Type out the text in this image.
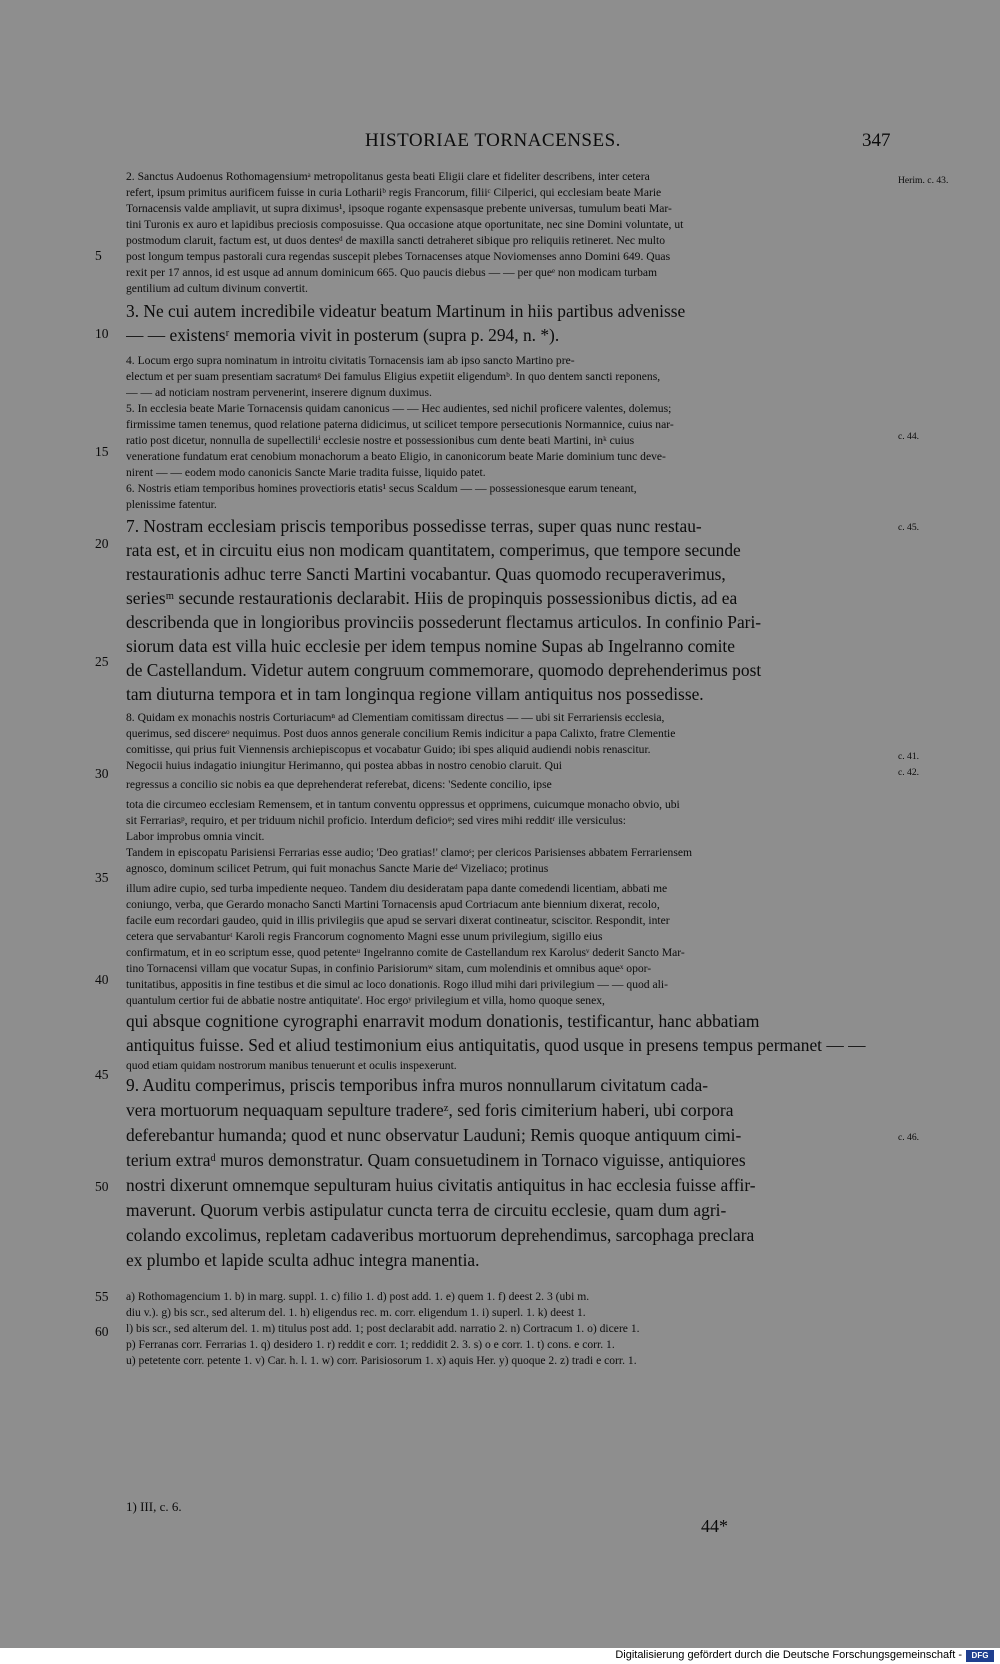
HISTORIAE TORNACENSES.	347
2. Sanctus Audoenus Rothomagensiumᵃ metropolitanus gesta beati Eligii clare et fideliter describens, inter cetera
refert, ipsum primitus aurificem fuisse in curia Lothariiᵇ regis Francorum, filiiᶜ Cilperici, qui ecclesiam beate Marie
Tornacensis valde ampliavit, ut supra diximus¹, ipsoque rogante expensasque prebente universas, tumulum beati Mar-
tini Turonis ex auro et lapidibus preciosis composuisse. Qua occasione atque oportunitate, nec sine Domini voluntate, ut
postmodum claruit, factum est, ut duos dentesᵈ de maxilla sancti detraheret sibique pro reliquiis retineret. Nec multo
post longum tempus pastorali cura regendas suscepit plebes Tornacenses atque Noviomenses anno Domini 649. Quas
rexit per 17 annos, id est usque ad annum dominicum 665. Quo paucis diebus — — per queᵉ non modicam turbam
gentilium ad cultum divinum convertit.
3. Ne cui autem incredibile videatur beatum Martinum in hiis partibus advenisse
— — existensʳ memoria vivit in posterum (supra p. 294, n. *).
4. Locum ergo supra nominatum in introitu civitatis Tornacensis iam ab ipso sancto Martino pre-
electum et per suam presentiam sacratumᵍ Dei famulus Eligius expetiit eligendumᵇ. In quo dentem sancti reponens,
— — ad noticiam nostram pervenerint, inserere dignum duximus.
5. In ecclesia beate Marie Tornacensis quidam canonicus — — Hec audientes, sed nichil proficere valentes, dolemus;
firmissime tamen tenemus, quod relatione paterna didicimus, ut scilicet tempore persecutionis Normannice, cuius nar-
ratio post dicetur, nonnulla de supellectiliⁱ ecclesie nostre et possessionibus cum dente beati Martini, inᵏ cuius
veneratione fundatum erat cenobium monachorum a beato Eligio, in canonicorum beate Marie dominium tunc deve-
nirent — — eodem modo canonicis Sancte Marie tradita fuisse, liquido patet.
6. Nostris etiam temporibus homines provectioris etatis¹ secus Scaldum — — possessionesque earum teneant,
plenissime fatentur.
7. Nostram ecclesiam priscis temporibus possedisse terras, super quas nunc restau-
rata est, et in circuitu eius non modicam quantitatem, comperimus, que tempore secunde
restaurationis adhuc terre Sancti Martini vocabantur. Quas quomodo recuperaverimus,
seriesᵐ secunde restaurationis declarabit. Hiis de propinquis possessionibus dictis, ad ea
describenda que in longioribus provinciis possederunt flectamus articulos. In confinio Pari-
siorum data est villa huic ecclesie per idem tempus nomine Supas ab Ingelranno comite
de Castellandum. Videtur autem congruum commemorare, quomodo deprehenderimus post
tam diuturna tempora et in tam longinqua regione villam antiquitus nos possedisse.
8. Quidam ex monachis nostris Corturiacumⁿ ad Clementiam comitissam directus — — ubi sit Ferrariensis ecclesia,
querimus, sed discereᵒ nequimus. Post duos annos generale concilium Remis indicitur a papa Calixto, fratre Clementie
comitisse, qui prius fuit Viennensis archiepiscopus et vocabatur Guido; ibi spes aliquid audiendi nobis renascitur.
Negocii huius indagatio iniungitur Herimanno, qui postea abbas in nostro cenobio claruit. Qui
regressus a concilio sic nobis ea que deprehenderat referebat, dicens: 'Sedente concilio, ipse
tota die circumeo ecclesiam Remensem, et in tantum conventu oppressus et opprimens, cuicumque monacho obvio, ubi
sit Ferrariasᵖ, requiro, et per triduum nichil proficio. Interdum deficioᵠ; sed vires mihi redditʳ ille versiculus:
Labor improbus omnia vincit.
Tandem in episcopatu Parisiensi Ferrarias esse audio; 'Deo gratias!' clamoˢ; per clericos Parisienses abbatem Ferrariensem
agnosco, dominum scilicet Petrum, qui fuit monachus Sancte Marie deᵈ Vizeliaco; protinus
illum adire cupio, sed turba impediente nequeo. Tandem diu desideratam papa dante comedendi licentiam, abbati me
coniungo, verba, que Gerardo monacho Sancti Martini Tornacensis apud Cortriacum ante biennium dixerat, recolo,
facile eum recordari gaudeo, quid in illis privilegiis que apud se servari dixerat contineatur, sciscitor. Respondit, inter
cetera que servabanturᵗ Karoli regis Francorum cognomento Magni esse unum privilegium, sigillo eius
confirmatum, et in eo scriptum esse, quod petenteᵘ Ingelranno comite de Castellandum rex Karolusᵛ dederit Sancto Mar-
tino Tornacensi villam que vocatur Supas, in confinio Parisiorumʷ sitam, cum molendinis et omnibus aqueˣ opor-
tunitatibus, appositis in fine testibus et die simul ac loco donationis. Rogo illud mihi dari privilegium — — quod ali-
quantulum certior fui de abbatie nostre antiquitate'. Hoc ergoʸ privilegium et villa, homo quoque senex,
qui absque cognitione cyrographi enarravit modum donationis, testificantur, hanc abbatiam
antiquitus fuisse. Sed et aliud testimonium eius antiquitatis, quod usque in presens tempus permanet — —
quod etiam quidam nostrorum manibus tenuerunt et oculis inspexerunt.
9. Auditu comperimus, priscis temporibus infra muros nonnullarum civitatum cada-
vera mortuorum nequaquam sepulture tradereᶻ, sed foris cimiterium haberi, ubi corpora
deferebantur humanda; quod et nunc observatur Lauduni; Remis quoque antiquum cimi-
terium extraᵈ muros demonstratur. Quam consuetudinem in Tornaco viguisse, antiquiores
nostri dixerunt omnemque sepulturam huius civitatis antiquitus in hac ecclesia fuisse affir-
maverunt. Quorum verbis astipulatur cuncta terra de circuitu ecclesie, quam dum agri-
colando excolimus, repletam cadaveribus mortuorum deprehendimus, sarcophaga preclara
ex plumbo et lapide sculta adhuc integra manentia.
a) Rothomagencium 1. b) in marg. suppl. 1. c) filio 1. d) post add. 1. e) quem 1. f) deest 2. 3 (ubi m.
diu v.). g) bis scr., sed alterum del. 1. h) eligendus rec. m. corr. eligendum 1. i) superl. 1. k) deest 1.
l) bis scr., sed alterum del. 1. m) titulus post add. 1; post declarabit add. narratio 2. n) Cortracum 1. o) dicere 1.
p) Ferranas corr. Ferrarias 1. q) desidero 1. r) reddit e corr. 1; reddidit 2. 3. s) o e corr. 1. t) cons. e corr. 1.
u) petetente corr. petente 1. v) Car. h. l. 1. w) corr. Parisiosorum 1. x) aquis Her. y) quoque 2. z) tradi e corr. 1.
5
10
15
20
25
30
35
40
45
50
55
60
Herim. c. 43.
c. 44.
c. 45.
c. 41.
c. 42.
c. 46.
1) III, c. 6.
44*
Digitalisierung gefördert durch die Deutsche Forschungsgemeinschaft -	DFG
